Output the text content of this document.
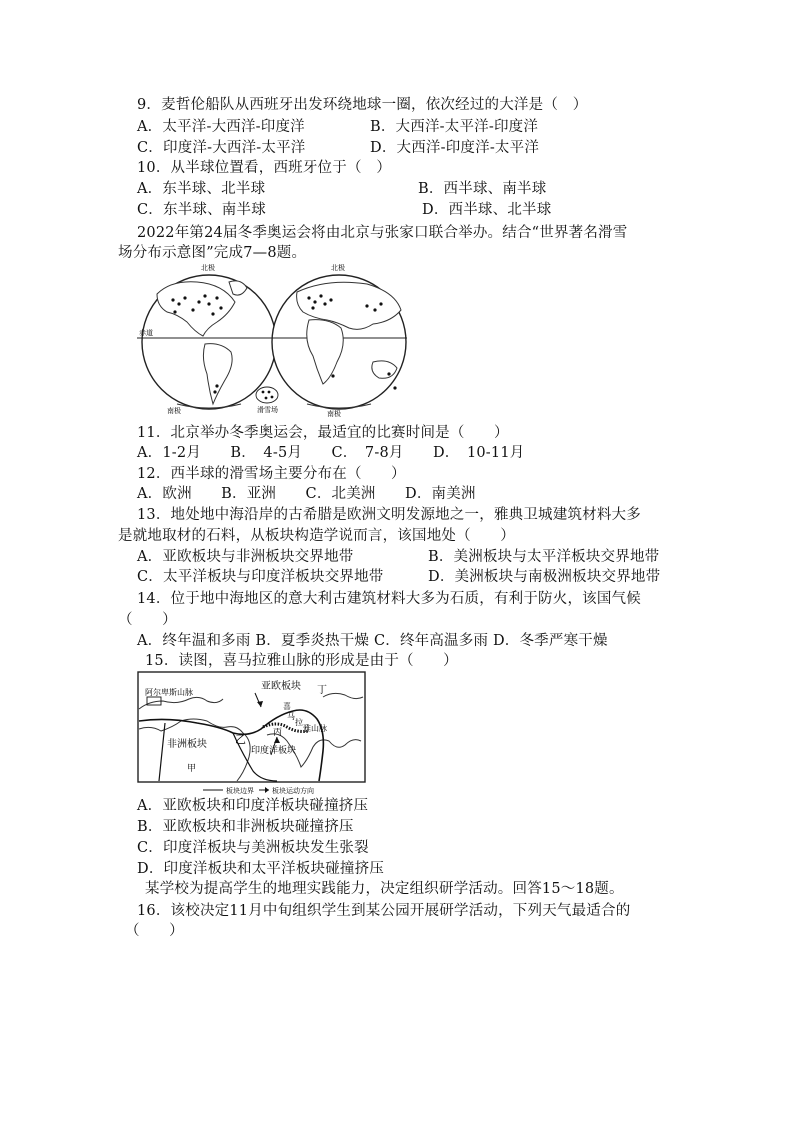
9．麦哲伦船队从西班牙出发环绕地球一圈，依次经过的大洋是（　）
A．太平洋-大西洋-印度洋	B．大西洋-太平洋-印度洋
C．印度洋-大西洋-太平洋	D．大西洋-印度洋-太平洋
10．从半球位置看，西班牙位于（　）
A．东半球、北半球	B．西半球、南半球
C．东半球、南半球	D．西半球、北半球
2022年第24届冬季奥运会将由北京与张家口联合举办。结合“世界著名滑雪
场分布示意图”完成7—8题。
北极	北极
赤道
南极	南极
滑雪场
11．北京举办冬季奥运会，最适宜的比赛时间是（　　）
A．1-2月　　B．　4-5月　　C．　7-8月　　D．　10-11月
12．西半球的滑雪场主要分布在（　　）
A．欧洲　　B．亚洲　　C．北美洲　　D．南美洲
13．地处地中海沿岸的古希腊是欧洲文明发源地之一，雅典卫城建筑材料大多
是就地取材的石料，从板块构造学说而言，该国地处（　　）
A．亚欧板块与非洲板块交界地带	B．美洲板块与太平洋板块交界地带
C．太平洋板块与印度洋板块交界地带	D．美洲板块与南极洲板块交界地带
14．位于地中海地区的意大利古建筑材料大多为石质，有利于防火，该国气候
（　　）
A．终年温和多雨 B．夏季炎热干燥 C．终年高温多雨 D．冬季严寒干燥
15．读图，喜马拉雅山脉的形成是由于（　　）
亚欧板块
阿尔卑斯山脉
非洲板块
印度洋板块
喜
马
拉
雅山脉
丁
丙
乙
甲
板块边界	板块运动方向
A．亚欧板块和印度洋板块碰撞挤压
B．亚欧板块和非洲板块碰撞挤压
C．印度洋板块与美洲板块发生张裂
D．印度洋板块和太平洋板块碰撞挤压
某学校为提高学生的地理实践能力，决定组织研学活动。回答15～18题。
16．该校决定11月中旬组织学生到某公园开展研学活动，下列天气最适合的
（　　）
